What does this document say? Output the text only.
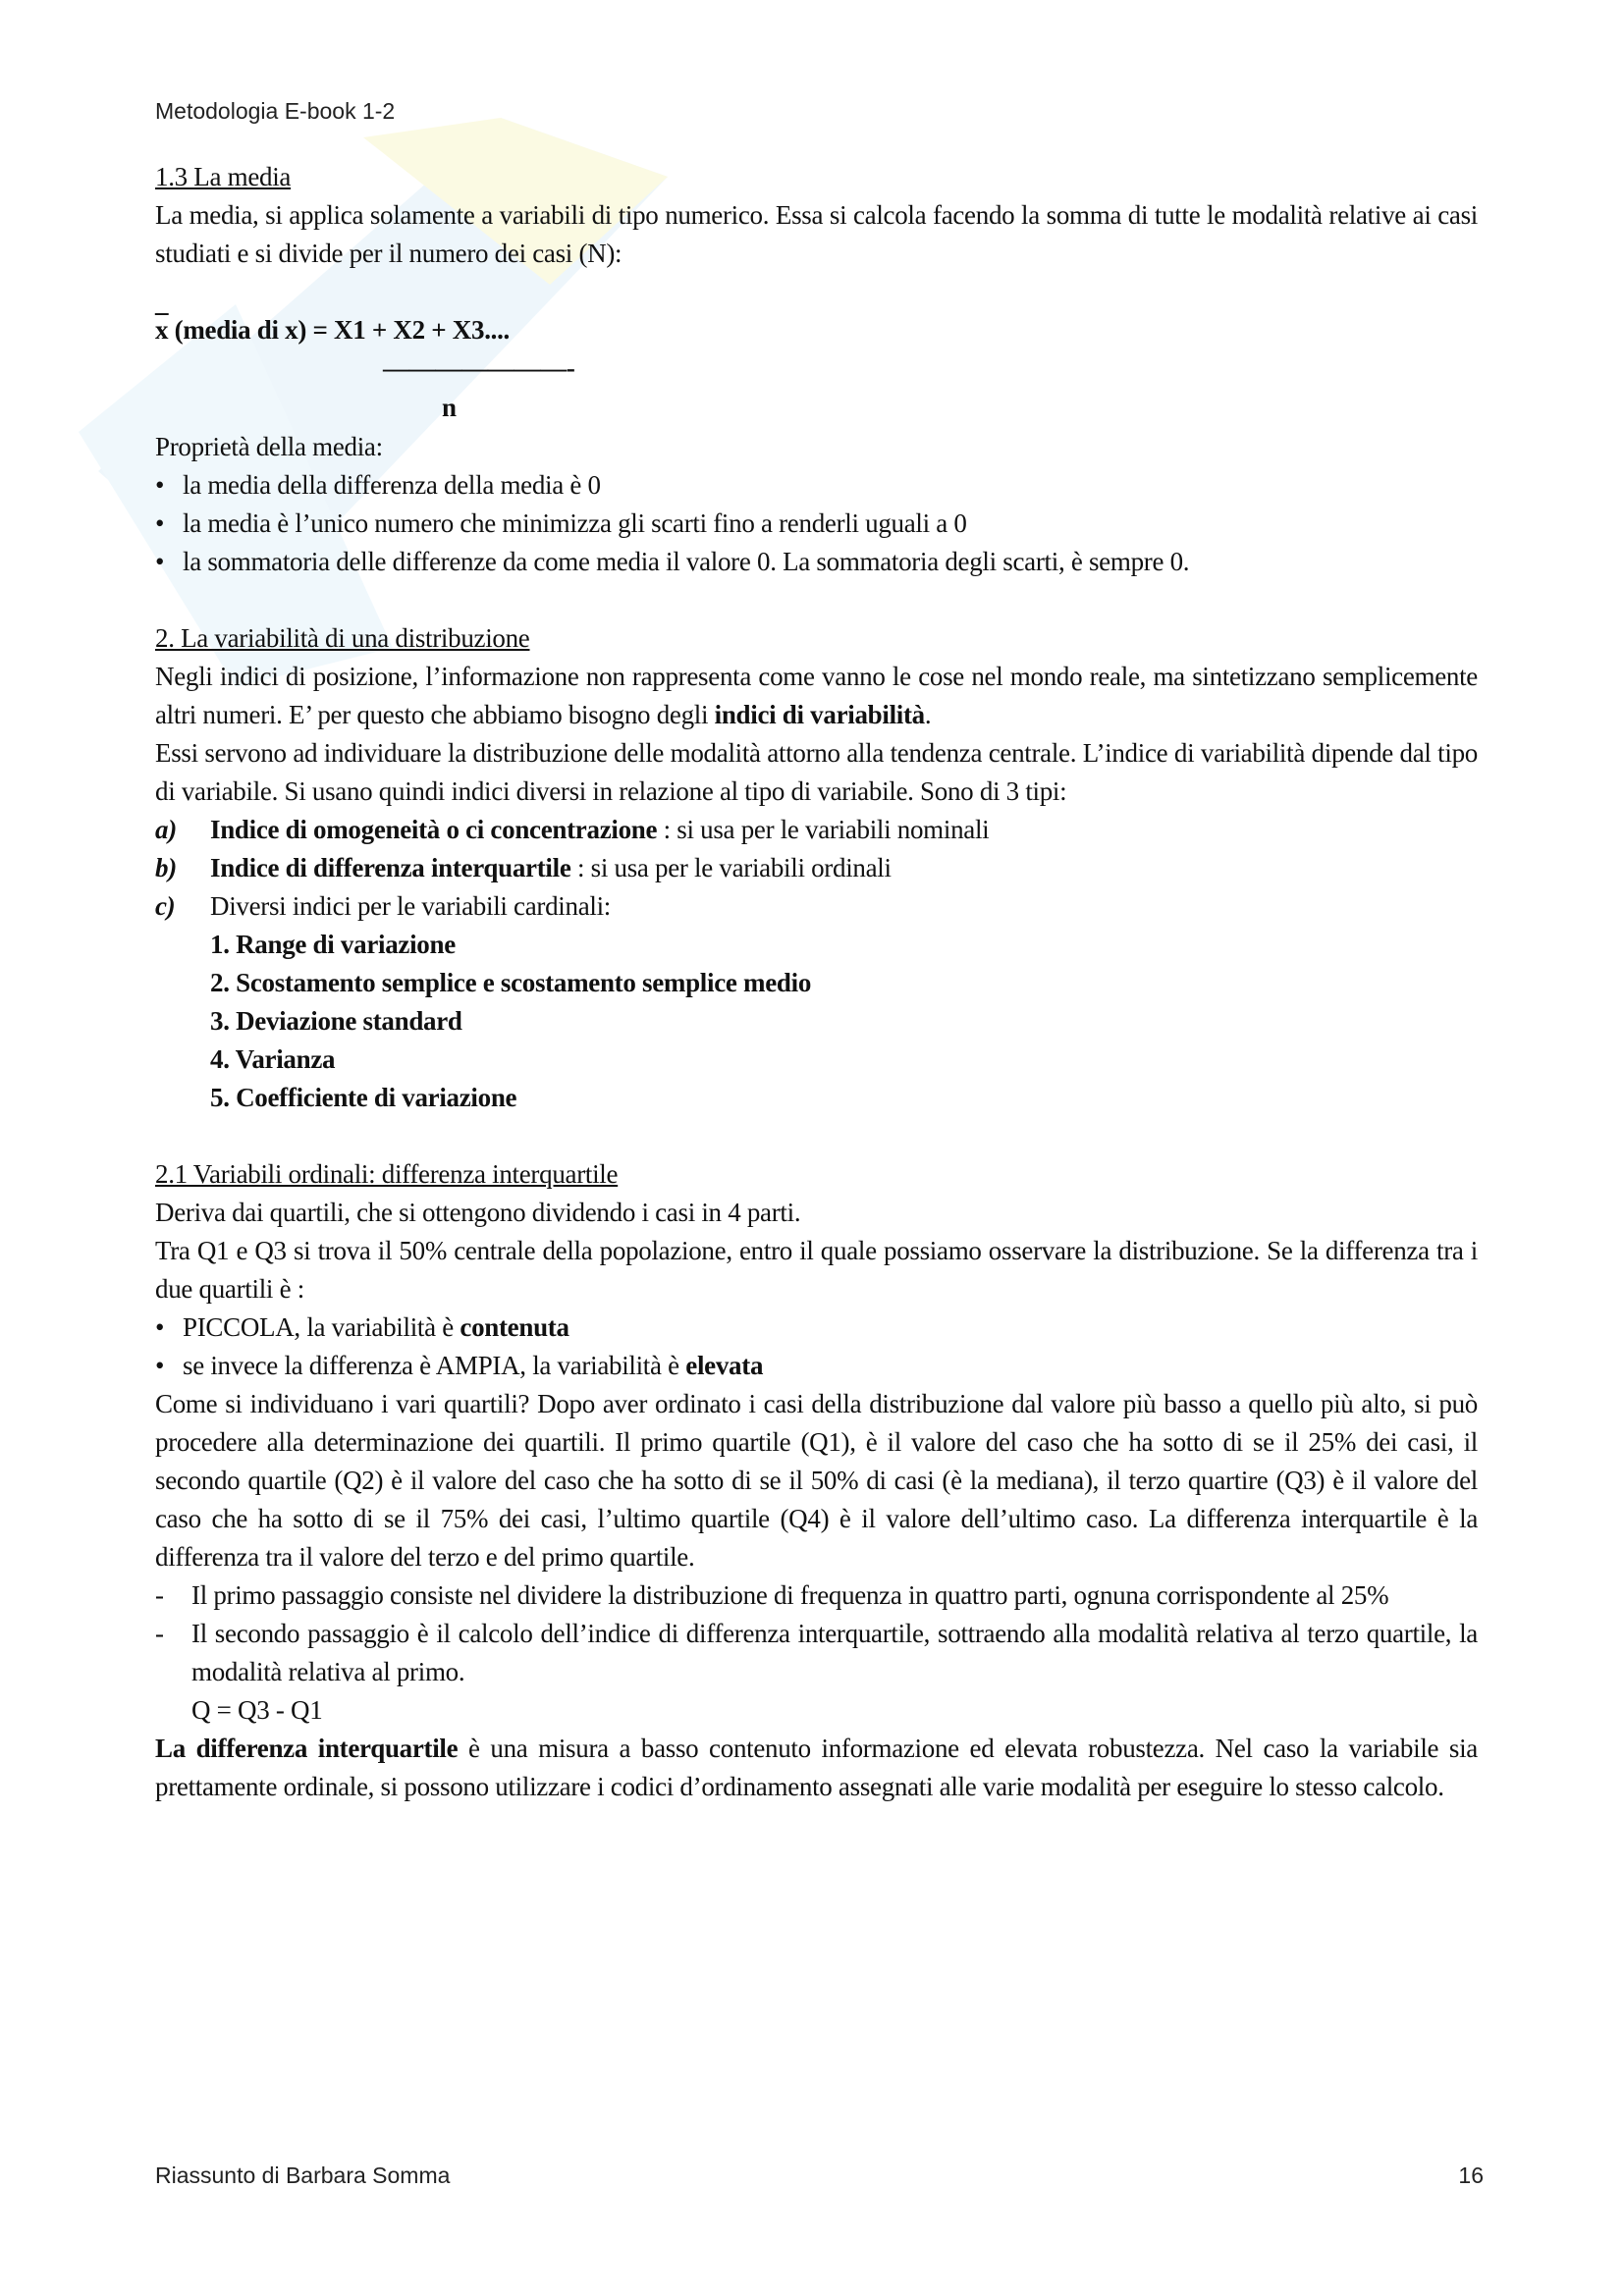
Metodologia E-book 1-2

1.3 La media

La media, si applica solamente a variabili di tipo numerico. Essa si calcola facendo la somma di tutte le modalità relative ai casi studiati e si divide per il numero dei casi (N):

_
x (media di x) = X1 + X2 + X3....
———————-
n

Proprietà della media:

• la media della differenza della media è 0
• la media è l’unico numero che minimizza gli scarti fino a renderli uguali a 0
• la sommatoria delle differenze da come media il valore 0. La sommatoria degli scarti, è sempre 0.

2. La variabilità di una distribuzione

Negli indici di posizione, l’informazione non rappresenta come vanno le cose nel mondo reale, ma sintetizzano semplicemente altri numeri. E’ per questo che abbiamo bisogno degli indici di variabilità.

Essi servono ad individuare la distribuzione delle modalità attorno alla tendenza centrale. L’indice di variabilità dipende dal tipo di variabile. Si usano quindi indici diversi in relazione al tipo di variabile. Sono di 3 tipi:

a) Indice di omogeneità o ci concentrazione : si usa per le variabili nominali
b) Indice di differenza interquartile : si usa per le variabili ordinali
c) Diversi indici per le variabili cardinali:
1. Range di variazione
2. Scostamento semplice e scostamento semplice medio
3. Deviazione standard
4. Varianza
5. Coefficiente di variazione

2.1 Variabili ordinali: differenza interquartile

Deriva dai quartili, che si ottengono dividendo i casi in 4 parti.

Tra Q1 e Q3 si trova il 50% centrale della popolazione, entro il quale possiamo osservare la distribuzione. Se la differenza tra i due quartili è :

• PICCOLA, la variabilità è contenuta
• se invece la differenza è AMPIA, la variabilità è elevata

Come si individuano i vari quartili? Dopo aver ordinato i casi della distribuzione dal valore più basso a quello più alto, si può procedere alla determinazione dei quartili. Il primo quartile (Q1), è il valore del caso che ha sotto di se il 25% dei casi, il secondo quartile (Q2) è il valore del caso che ha sotto di se il 50% di casi (è la mediana), il terzo quartire (Q3) è il valore del caso che ha sotto di se il 75% dei casi, l’ultimo quartile (Q4) è il valore dell’ultimo caso. La differenza interquartile è la differenza tra il valore del terzo e del primo quartile.

- Il primo passaggio consiste nel dividere la distribuzione di frequenza in quattro parti, ognuna corrispondente al 25%
- Il secondo passaggio è il calcolo dell’indice di differenza interquartile, sottraendo alla modalità relativa al terzo quartile, la modalità relativa al primo.
Q = Q3 - Q1

La differenza interquartile è una misura a basso contenuto informazione ed elevata robustezza. Nel caso la variabile sia prettamente ordinale, si possono utilizzare i codici d’ordinamento assegnati alle varie modalità per eseguire lo stesso calcolo.

Riassunto di Barbara Somma	16
